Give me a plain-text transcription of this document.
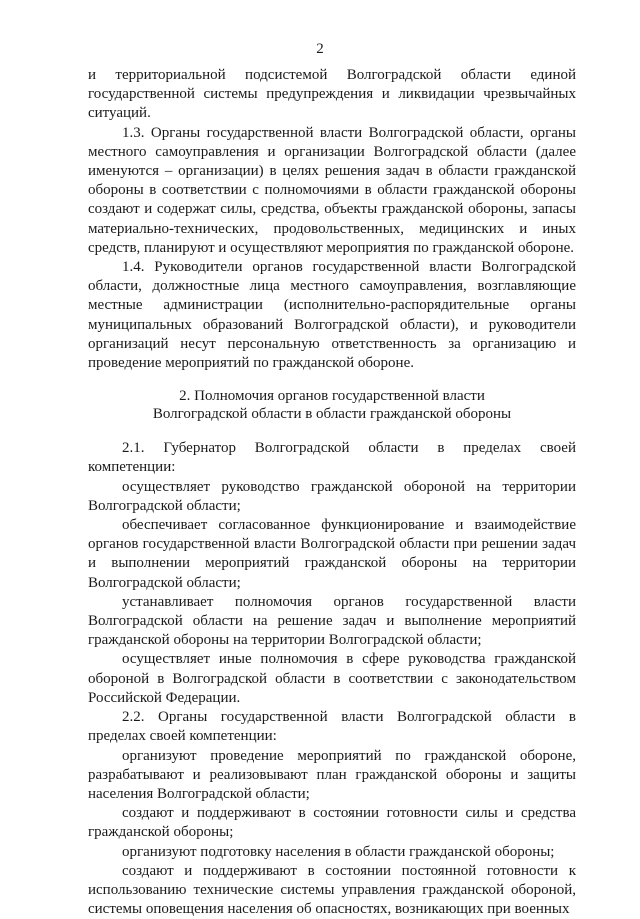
2

и территориальной подсистемой Волгоградской области единой государственной системы предупреждения и ликвидации чрезвычайных ситуаций.

1.3. Органы государственной власти Волгоградской области, органы местного самоуправления и организации Волгоградской области (далее именуются – организации) в целях решения задач в области гражданской обороны в соответствии с полномочиями в области гражданской обороны создают и содержат силы, средства, объекты гражданской обороны, запасы материально-технических, продовольственных, медицинских и иных средств, планируют и осуществляют мероприятия по гражданской обороне.

1.4. Руководители органов государственной власти Волгоградской области, должностные лица местного самоуправления, возглавляющие местные администрации (исполнительно-распорядительные органы муниципальных образований Волгоградской области), и руководители организаций несут персональную ответственность за организацию и проведение мероприятий по гражданской обороне.

2. Полномочия органов государственной власти
Волгоградской области в области гражданской обороны

2.1. Губернатор Волгоградской области в пределах своей компетенции:

осуществляет руководство гражданской обороной на территории Волгоградской области;

обеспечивает согласованное функционирование и взаимодействие органов государственной власти Волгоградской области при решении задач и выполнении мероприятий гражданской обороны на территории Волгоградской области;

устанавливает полномочия органов государственной власти Волгоградской области на решение задач и выполнение мероприятий гражданской обороны на территории Волгоградской области;

осуществляет иные полномочия в сфере руководства гражданской обороной в Волгоградской области в соответствии с законодательством Российской Федерации.

2.2. Органы государственной власти Волгоградской области в пределах своей компетенции:

организуют проведение мероприятий по гражданской обороне, разрабатывают и реализовывают план гражданской обороны и защиты населения Волгоградской области;

создают и поддерживают в состоянии готовности силы и средства гражданской обороны;

организуют подготовку населения в области гражданской обороны;

создают и поддерживают в состоянии постоянной готовности к использованию технические системы управления гражданской обороной, системы оповещения населения об опасностях, возникающих при военных
